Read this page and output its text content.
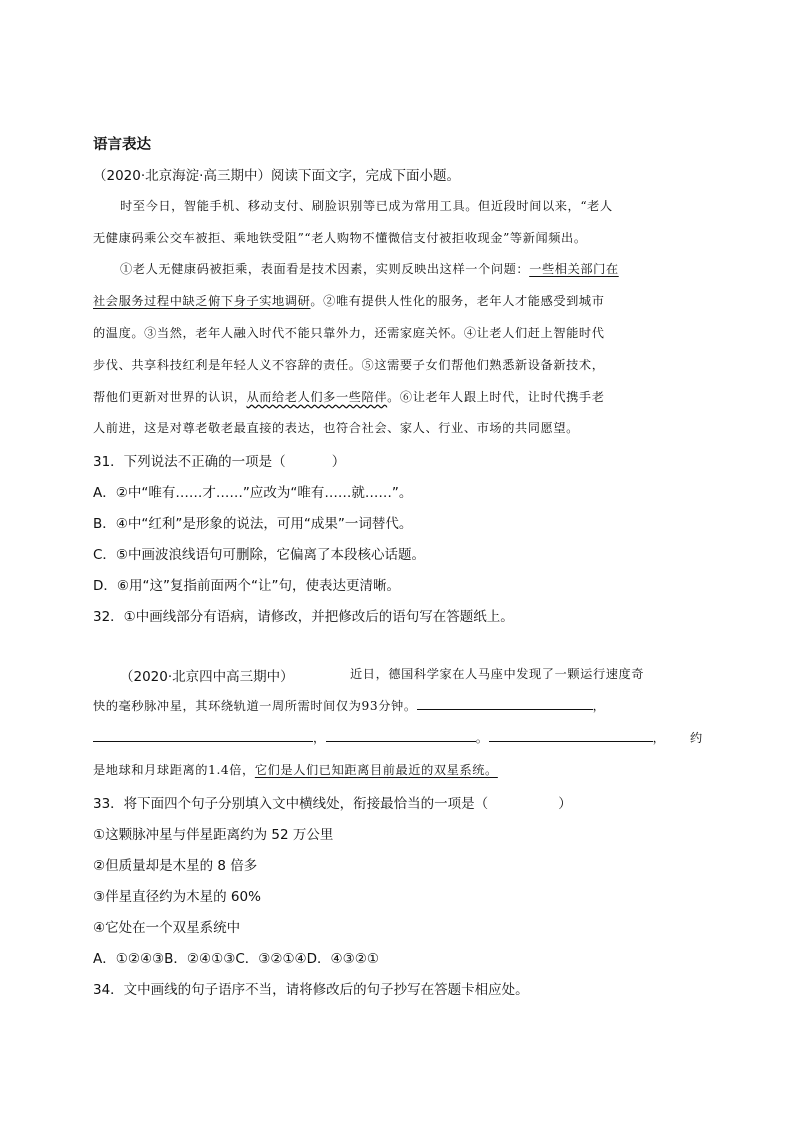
语言表达
（2020·北京海淀·高三期中）阅读下面文字，完成下面小题。
时至今日，智能手机、移动支付、刷脸识别等已成为常用工具。但近段时间以来，“老人
无健康码乘公交车被拒、乘地铁受阻”“老人购物不懂微信支付被拒收现金”等新闻频出。
①老人无健康码被拒乘，表面看是技术因素，实则反映出这样一个问题：一些相关部门在
社会服务过程中缺乏俯下身子实地调研。②唯有提供人性化的服务，老年人才能感受到城市
的温度。③当然，老年人融入时代不能只靠外力，还需家庭关怀。④让老人们赶上智能时代
步伐、共享科技红利是年轻人义不容辞的责任。⑤这需要子女们帮他们熟悉新设备新技术，
帮他们更新对世界的认识，从而给老人们多一些陪伴。⑥让老年人跟上时代，让时代携手老
人前进，这是对尊老敬老最直接的表达，也符合社会、家人、行业、市场的共同愿望。
31．下列说法不正确的一项是（	）
A．②中“唯有……才……”应改为“唯有……就……”。
B．④中“红利”是形象的说法，可用“成果”一词替代。
C．⑤中画波浪线语句可删除，它偏离了本段核心话题。
D．⑥用“这”复指前面两个“让”句，使表达更清晰。
32．①中画线部分有语病，请修改，并把修改后的语句写在答题纸上。
（2020·北京四中高三期中）	近日，德国科学家在人马座中发现了一颗运行速度奇
快的毫秒脉冲星，其环绕轨道一周所需时间仅为93分钟。	，
，	。	， 约
是地球和月球距离的1.4倍，它们是人们已知距离目前最近的双星系统。
33．将下面四个句子分别填入文中横线处，衔接最恰当的一项是（	）
①这颗脉冲星与伴星距离约为 52 万公里
②但质量却是木星的 8 倍多
③伴星直径约为木星的 60%
④它处在一个双星系统中
A．①②④③B．②④①③C．③②①④D．④③②①
34．文中画线的句子语序不当，请将修改后的句子抄写在答题卡相应处。
